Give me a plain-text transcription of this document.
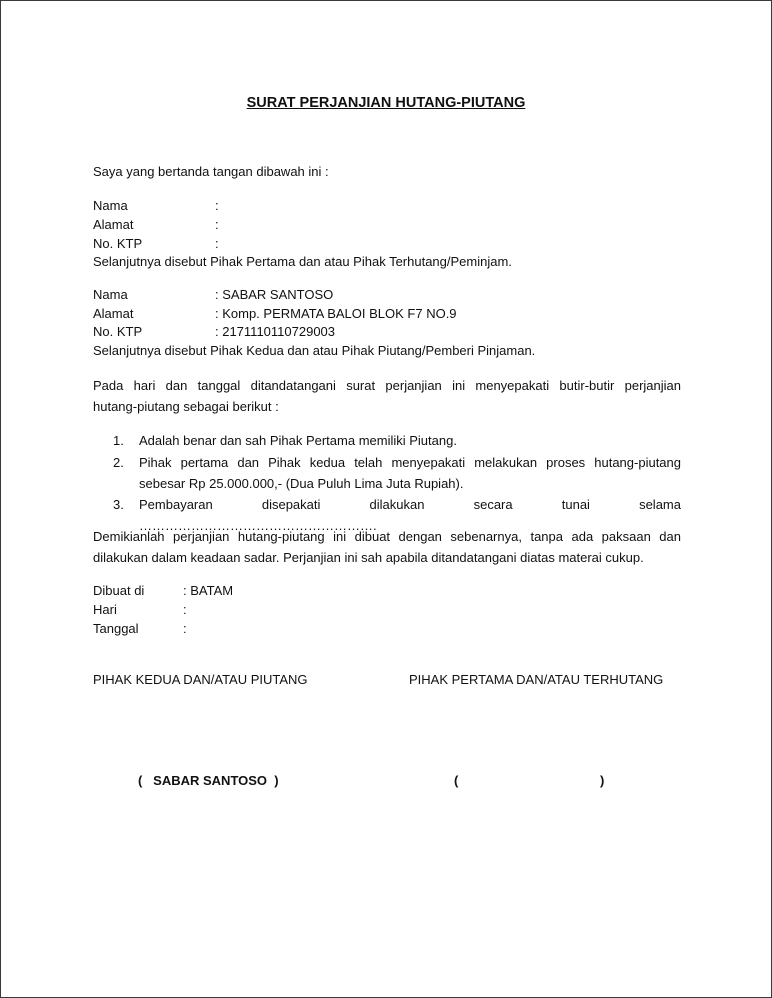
SURAT PERJANJIAN HUTANG-PIUTANG
Saya yang bertanda tangan dibawah ini :
Nama	:
Alamat	:
No. KTP	:
Selanjutnya disebut Pihak Pertama dan atau Pihak Terhutang/Peminjam.
Nama	: SABAR SANTOSO
Alamat	: Komp. PERMATA BALOI BLOK F7 NO.9
No. KTP	: 2171110110729003
Selanjutnya disebut Pihak Kedua dan atau Pihak Piutang/Pemberi Pinjaman.
Pada hari dan tanggal ditandatangani surat perjanjian ini menyepakati butir-butir perjanjian
hutang-piutang sebagai berikut :
1. Adalah benar dan sah Pihak Pertama memiliki Piutang.
2. Pihak pertama dan Pihak kedua telah menyepakati melakukan proses hutang-piutang
sebesar Rp 25.000.000,- (Dua Puluh Lima Juta Rupiah).
3. Pembayaran disepakati dilakukan secara tunai selama ……………………………………………….
Demikianlah perjanjian hutang-piutang ini dibuat dengan sebenarnya, tanpa ada paksaan dan
dilakukan dalam keadaan sadar. Perjanjian ini sah apabila ditandatangani diatas materai cukup.
Dibuat di	: BATAM
Hari	:
Tanggal	:
PIHAK KEDUA DAN/ATAU PIUTANG	PIHAK PERTAMA DAN/ATAU TERHUTANG
(   SABAR SANTOSO  )	(	)
